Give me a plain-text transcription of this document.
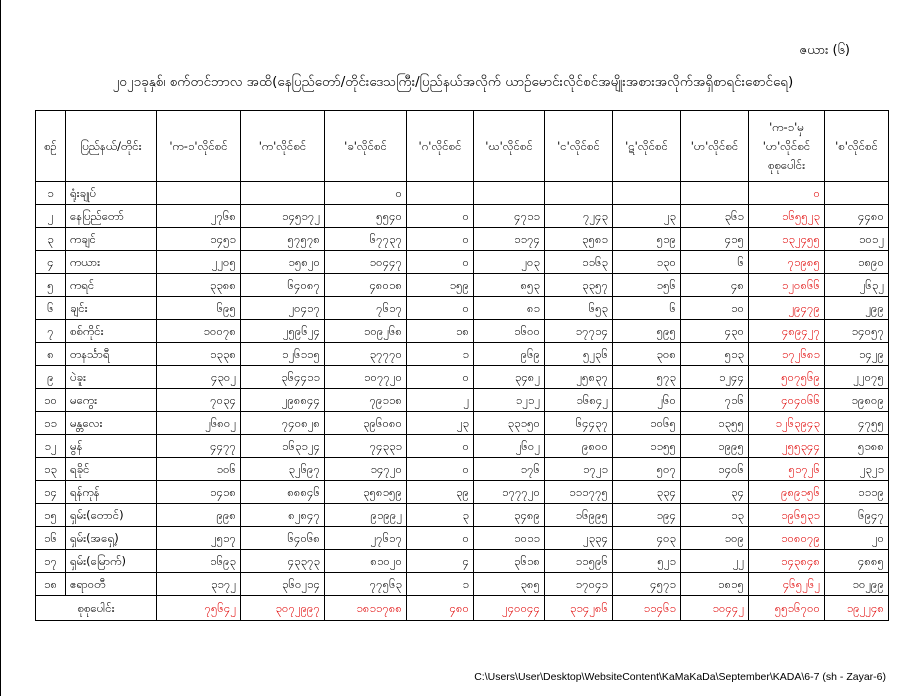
ဇယား (၆)
၂၀၂၁ခုနှစ်၊ စက်တင်ဘာလ အထိ(နေပြည်တော်/တိုင်းဒေသကြီး/ပြည်နယ်အလိုက် ယာဉ်မောင်းလိုင်စင်အမျိုးအစားအလိုက်အရှိစာရင်းစောင်ရေ)
စဉ်	ပြည်နယ်/တိုင်း	'က-၁'လိုင်စင်	'က'လိုင်စင်	'ခ'လိုင်စင်	'ဂ'လိုင်စင်	'ဃ'လိုင်စင်	'င'လိုင်စင်	'ဋ'လိုင်စင်	'ဟ'လိုင်စင်	'က-၁'မှ 'ဟ'လိုင်စင် စုစုပေါင်း	'စ'လိုင်စင်
၁	ရုံးချုပ်			၀						၀	
၂	နေပြည်တော်	၂၇၆၈	၁၄၅၁၇၂	၅၅၄၀	၀	၄၇၁၁	၇၂၄၃	၂၃	၃၆၁	၁၆၅၅၂၃	၄၄၈၀
၃	ကချင်	၁၄၅၁	၅၇၅၇၈	၆၇၇၃၇	၀	၁၁၇၄	၃၅၈၁	၅၁၉	၄၁၅	၁၃၂၄၅၅	၁၀၁၂
၄	ကယား	၂၂၀၅	၁၅၈၂၀	၁၀၄၄၇	၀	၂၀၃	၁၁၆၃	၁၃၀	၆	၇၁၉၈၅	၁၈၉၀
၅	ကရင်	၃၃၈၈	၆၄၀၈၇	၄၈၀၁၈	၁၅၉	၈၅၃	၃၃၅၇	၁၅၆	၄၈	၁၂၀၈၆၆	၂၆၃၂
၆	ချင်း	၆၉၅	၂၀၄၁၇	၇၆၁၇	၀	၈၁	၆၅၃	၆	၁၀	၂၉၄၇၉	၂၉၉
၇	စစ်ကိုင်း	၁၀၀၇၈	၂၅၉၆၂၄	၁၀၉၂၆၈	၁၈	၁၆၀၀	၁၇၇၁၄	၅၉၅	၄၃၀	၄၈၉၄၂၇	၁၄၀၅၇
၈	တနင်္သာရီ	၁၃၃၈	၁၂၆၁၁၅	၃၇၇၇၀	၁	၉၆၉	၅၂၃၆	၃၀၈	၅၁၃	၁၇၂၆၈၁	၁၄၂၉
၉	ပဲခူး	၄၃၀၂	၃၆၄၄၁၁	၁၀၇၇၂၀	၀	၃၄၈၂	၂၅၈၃၇	၅၇၃	၁၂၄၄	၅၀၇၅၆၉	၂၂၀၇၅
၁၀	မကွေး	၇၀၃၄	၂၉၈၈၄၄	၇၉၁၁၈	၂	၁၂၁၂	၁၆၈၄၂	၂၆၀	၇၁၆	၄၀၄၀၆၆	၁၉၈၀၉
၁၁	မန္တလေး	၂၆၈၀၂	၇၄၀၈၂၈	၃၉၆၀၈၀	၂၃	၃၃၁၅၀	၆၄၄၃၇	၁၀၆၅	၁၃၅၅	၁၂၆၃၉၄၃	၄၇၅၅
၁၂	မွန်	၄၄၇၇	၁၆၃၁၂၄	၇၄၃၃၁	၀	၂၆၀၂	၉၈၀၀	၁၁၅၅	၁၉၉၅	၂၅၅၃၄၄	၅၁၈၈
၁၃	ရခိုင်	၁၀၆	၃၂၆၉၇	၁၄၇၂၀	၀	၁၇၆	၁၇၂၁	၅၀၇	၁၄၀၆	၅၁၇၂၆	၂၃၂၁
၁၄	ရန်ကုန်	၁၄၁၈	၈၈၈၄၆	၃၅၈၁၅၉	၃၉	၁၇၇၇၂၀	၁၁၁၇၇၅	၃၃၄	၃၄	၉၈၉၁၅၆	၁၁၁၉
၁၅	ရှမ်း(တောင်)	၉၉၈	၈၂၈၄၇	၉၁၉၉၂	၃	၃၄၈၉	၁၆၉၉၅	၁၉၄	၁၃	၁၉၆၅၃၁	၆၉၄၇
၁၆	ရှမ်း(အရှေ့)	၂၅၁၇	၆၄၀၆၈	၂၇၆၁၇	၀	၁၀၁၁	၂၃၃၄	၄၀၃	၁၀၉	၁၀၈၀၇၉	၂၀
၁၇	ရှမ်း(မြောက်)	၁၆၉၃	၄၃၃၇၃	၈၁၀၂၀	၄	၃၆၁၈	၁၁၅၉၆	၅၂၁	၂၂	၁၄၃၈၄၈	၄၈၈၅
၁၈	ဧရာဝတီ	၃၁၇၂	၃၆၀၂၁၄	၇၇၅၆၃	၁	၃၈၅	၁၇၀၄၁	၄၅၇၁	၁၈၁၅	၄၆၅၂၆၂	၁၀၂၉၉
စုစုပေါင်း		၇၅၆၄၂	၃၀၇၂၉၉၇	၁၈၁၁၇၈၈	၄၈၀	၂၄၀၀၄၄	၃၁၄၂၈၆	၁၁၄၆၁	၁၀၄၄၂	၅၅၁၆၇၀၀	၁၉၂၂၄၈
C:\Users\User\Desktop\WebsiteContent\KaMaKaDa\September\KADA\6-7 (sh - Zayar-6)
